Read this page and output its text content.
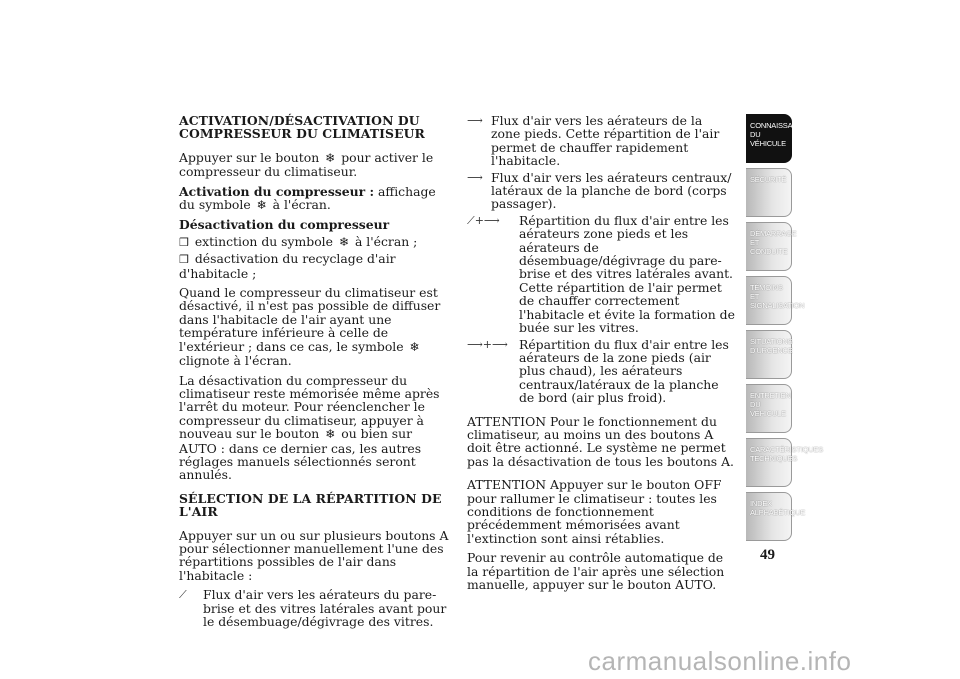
ACTIVATION/DÉSACTIVATION DU COMPRESSEUR DU CLIMATISEUR

Appuyer sur le bouton ❄ pour activer le compresseur du climatiseur.

Activation du compresseur : affichage du symbole ❄ à l'écran.

Désactivation du compresseur
❒ extinction du symbole ❄ à l'écran ;
❒ désactivation du recyclage d'air d'habitacle ;

Quand le compresseur du climatiseur est désactivé, il n'est pas possible de diffuser dans l'habitacle de l'air ayant une température inférieure à celle de l'extérieur ; dans ce cas, le symbole ❄ clignote à l'écran.

La désactivation du compresseur du climatiseur reste mémorisée même après l'arrêt du moteur. Pour réenclencher le compresseur du climatiseur, appuyer à nouveau sur le bouton ❄ ou bien sur AUTO : dans ce dernier cas, les autres réglages manuels sélectionnés seront annulés.

SÉLECTION DE LA RÉPARTITION DE L'AIR

Appuyer sur un ou sur plusieurs boutons A pour sélectionner manuellement l'une des répartitions possibles de l'air dans l'habitacle :

⟋	Flux d'air vers les aérateurs du pare-brise et des vitres latérales avant pour le désembuage/dégivrage des vitres.
⟶ Flux d'air vers les aérateurs de la zone pieds. Cette répartition de l'air permet de chauffer rapidement l'habitacle.
⟶ Flux d'air vers les aérateurs centraux/ latéraux de la planche de bord (corps passager).
⟋+⟶	Répartition du flux d'air entre les aérateurs zone pieds et les aérateurs de désembuage/dégivrage du pare-brise et des vitres latérales avant. Cette répartition de l'air permet de chauffer correctement l'habitacle et évite la formation de buée sur les vitres.
⟶+⟶ Répartition du flux d'air entre les aérateurs de la zone pieds (air plus chaud), les aérateurs centraux/latéraux de la planche de bord (air plus froid).

ATTENTION Pour le fonctionnement du climatiseur, au moins un des boutons A doit être actionné. Le système ne permet pas la désactivation de tous les boutons A.

ATTENTION Appuyer sur le bouton OFF pour rallumer le climatiseur : toutes les conditions de fonctionnement précédemment mémorisées avant l'extinction sont ainsi rétablies.

Pour revenir au contrôle automatique de la répartition de l'air après une sélection manuelle, appuyer sur le bouton AUTO.

CONNAISSANCE DU VÉHICULE
SÉCURITÉ
DÉMARRAGE ET CONDUITE
TÉMOINS ET SIGNALISATION
SITUATIONS D'URGENCE
ENTRETIEN DU VÉHICULE
CARACTÉRISTIQUES TECHNIQUES
INDEX ALPHABÉTIQUE
49
carmanualsonline.info
